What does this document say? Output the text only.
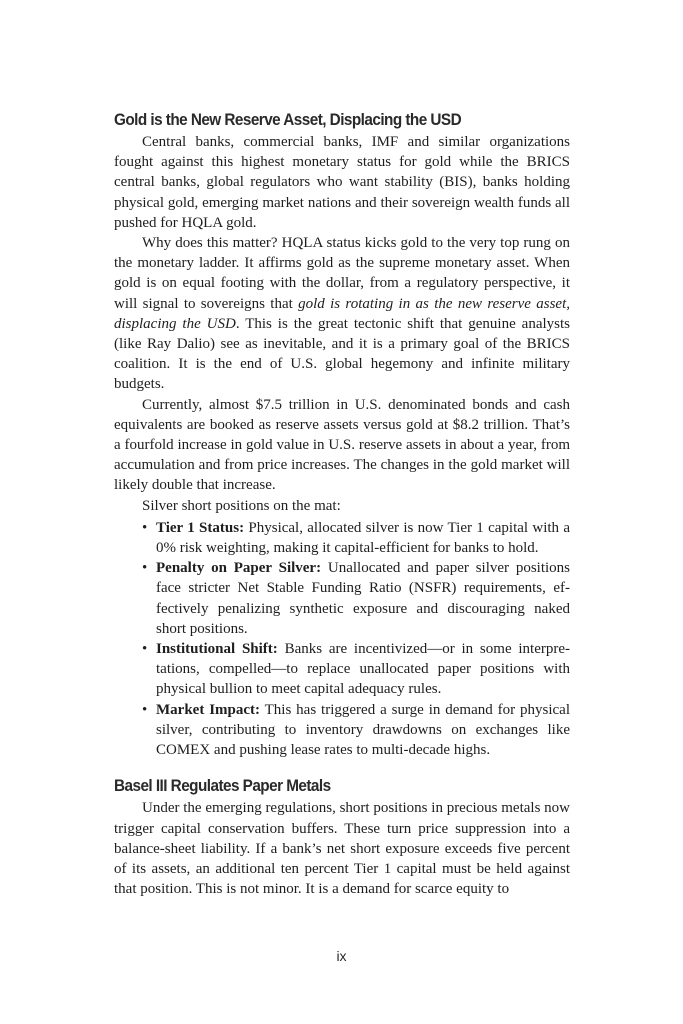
Gold is the New Reserve Asset, Displacing the USD

Central banks, commercial banks, IMF and similar organizations fought against this highest monetary status for gold while the BRICS central banks, global regulators who want stability (BIS), banks holding physical gold, emerging market nations and their sovereign wealth funds all pushed for HQLA gold.

Why does this matter? HQLA status kicks gold to the very top rung on the monetary ladder. It affirms gold as the supreme monetary asset. When gold is on equal footing with the dollar, from a regulatory perspective, it will signal to sovereigns that gold is rotating in as the new reserve asset, displacing the USD. This is the great tectonic shift that genuine analysts (like Ray Dalio) see as inevitable, and it is a primary goal of the BRICS coalition. It is the end of U.S. global hegemony and infinite military budgets.

Currently, almost $7.5 trillion in U.S. denominated bonds and cash equivalents are booked as reserve assets versus gold at $8.2 trillion. That’s a fourfold increase in gold value in U.S. reserve assets in about a year, from accumulation and from price increases. The changes in the gold market will likely double that increase.

Silver short positions on the mat:

• Tier 1 Status: Physical, allocated silver is now Tier 1 capital with a 0% risk weighting, making it capital-efficient for banks to hold.
• Penalty on Paper Silver: Unallocated and paper silver positions face stricter Net Stable Funding Ratio (NSFR) requirements, effectively penalizing synthetic exposure and discouraging naked short positions.
• Institutional Shift: Banks are incentivized—or in some interpretations, compelled—to replace unallocated paper positions with physical bullion to meet capital adequacy rules.
• Market Impact: This has triggered a surge in demand for physical silver, contributing to inventory drawdowns on exchanges like COMEX and pushing lease rates to multi-decade highs.
Basel III Regulates Paper Metals

Under the emerging regulations, short positions in precious metals now trigger capital conservation buffers. These turn price suppression into a balance-sheet liability. If a bank’s net short exposure exceeds five percent of its assets, an additional ten percent Tier 1 capital must be held against that position. This is not minor. It is a demand for scarce equity to

ix
